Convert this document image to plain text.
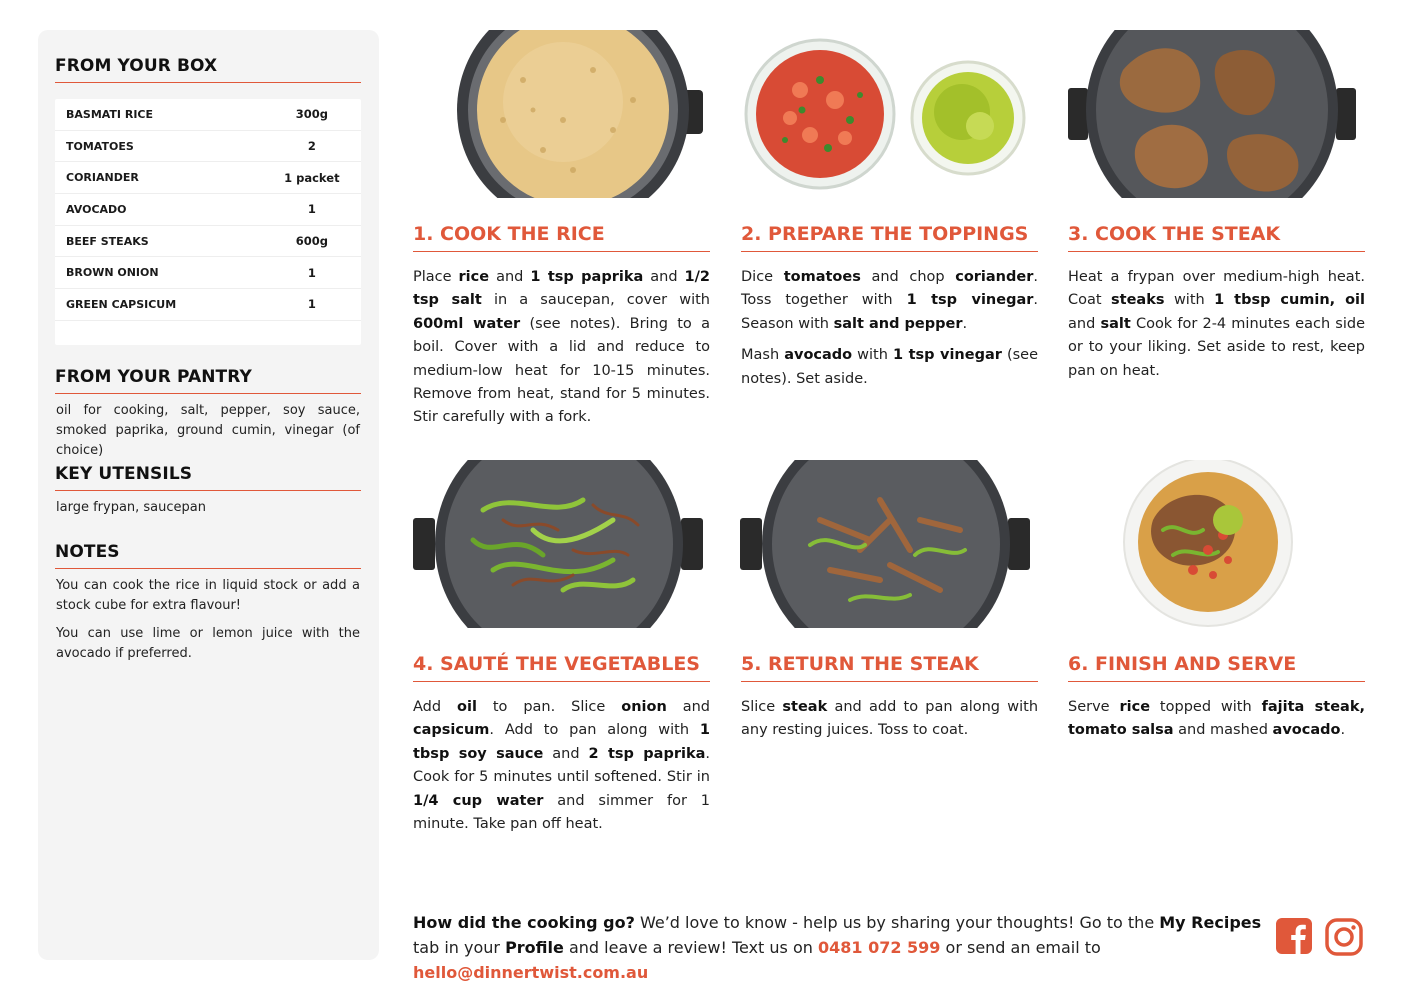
FROM YOUR BOX
BASMATI RICE	300g
TOMATOES	2
CORIANDER	1 packet
AVOCADO	1
BEEF STEAKS	600g
BROWN ONION	1
GREEN CAPSICUM	1
FROM YOUR PANTRY
oil for cooking, salt, pepper, soy sauce, smoked paprika, ground cumin, vinegar (of choice)
KEY UTENSILS
large frypan, saucepan
NOTES

You can cook the rice in liquid stock or add a stock cube for extra flavour!

You can use lime or lemon juice with the avocado if preferred.

1. COOK THE RICE

Place rice and 1 tsp paprika and 1/2 tsp salt in a saucepan, cover with 600ml water (see notes). Bring to a boil. Cover with a lid and reduce to medium-low heat for 10-15 minutes. Remove from heat, stand for 5 minutes. Stir carefully with a fork.

2. PREPARE THE TOPPINGS

Dice tomatoes and chop coriander. Toss together with 1 tsp vinegar. Season with salt and pepper.

Mash avocado with 1 tsp vinegar (see notes). Set aside.

3. COOK THE STEAK

Heat a frypan over medium-high heat. Coat steaks with 1 tbsp cumin, oil and salt Cook for 2-4 minutes each side or to your liking. Set aside to rest, keep pan on heat.

4. SAUTÉ THE VEGETABLES

Add oil to pan. Slice onion and capsicum. Add to pan along with 1 tbsp soy sauce and 2 tsp paprika. Cook for 5 minutes until softened. Stir in 1/4 cup water and simmer for 1 minute. Take pan off heat.

5. RETURN THE STEAK

Slice steak and add to pan along with any resting juices. Toss to coat.

6. FINISH AND SERVE

Serve rice topped with fajita steak, tomato salsa and mashed avocado.

How did the cooking go? We’d love to know - help us by sharing your thoughts! Go to the My Recipes tab in your Profile and leave a review! Text us on 0481 072 599 or send an email to hello@dinnertwist.com.au
